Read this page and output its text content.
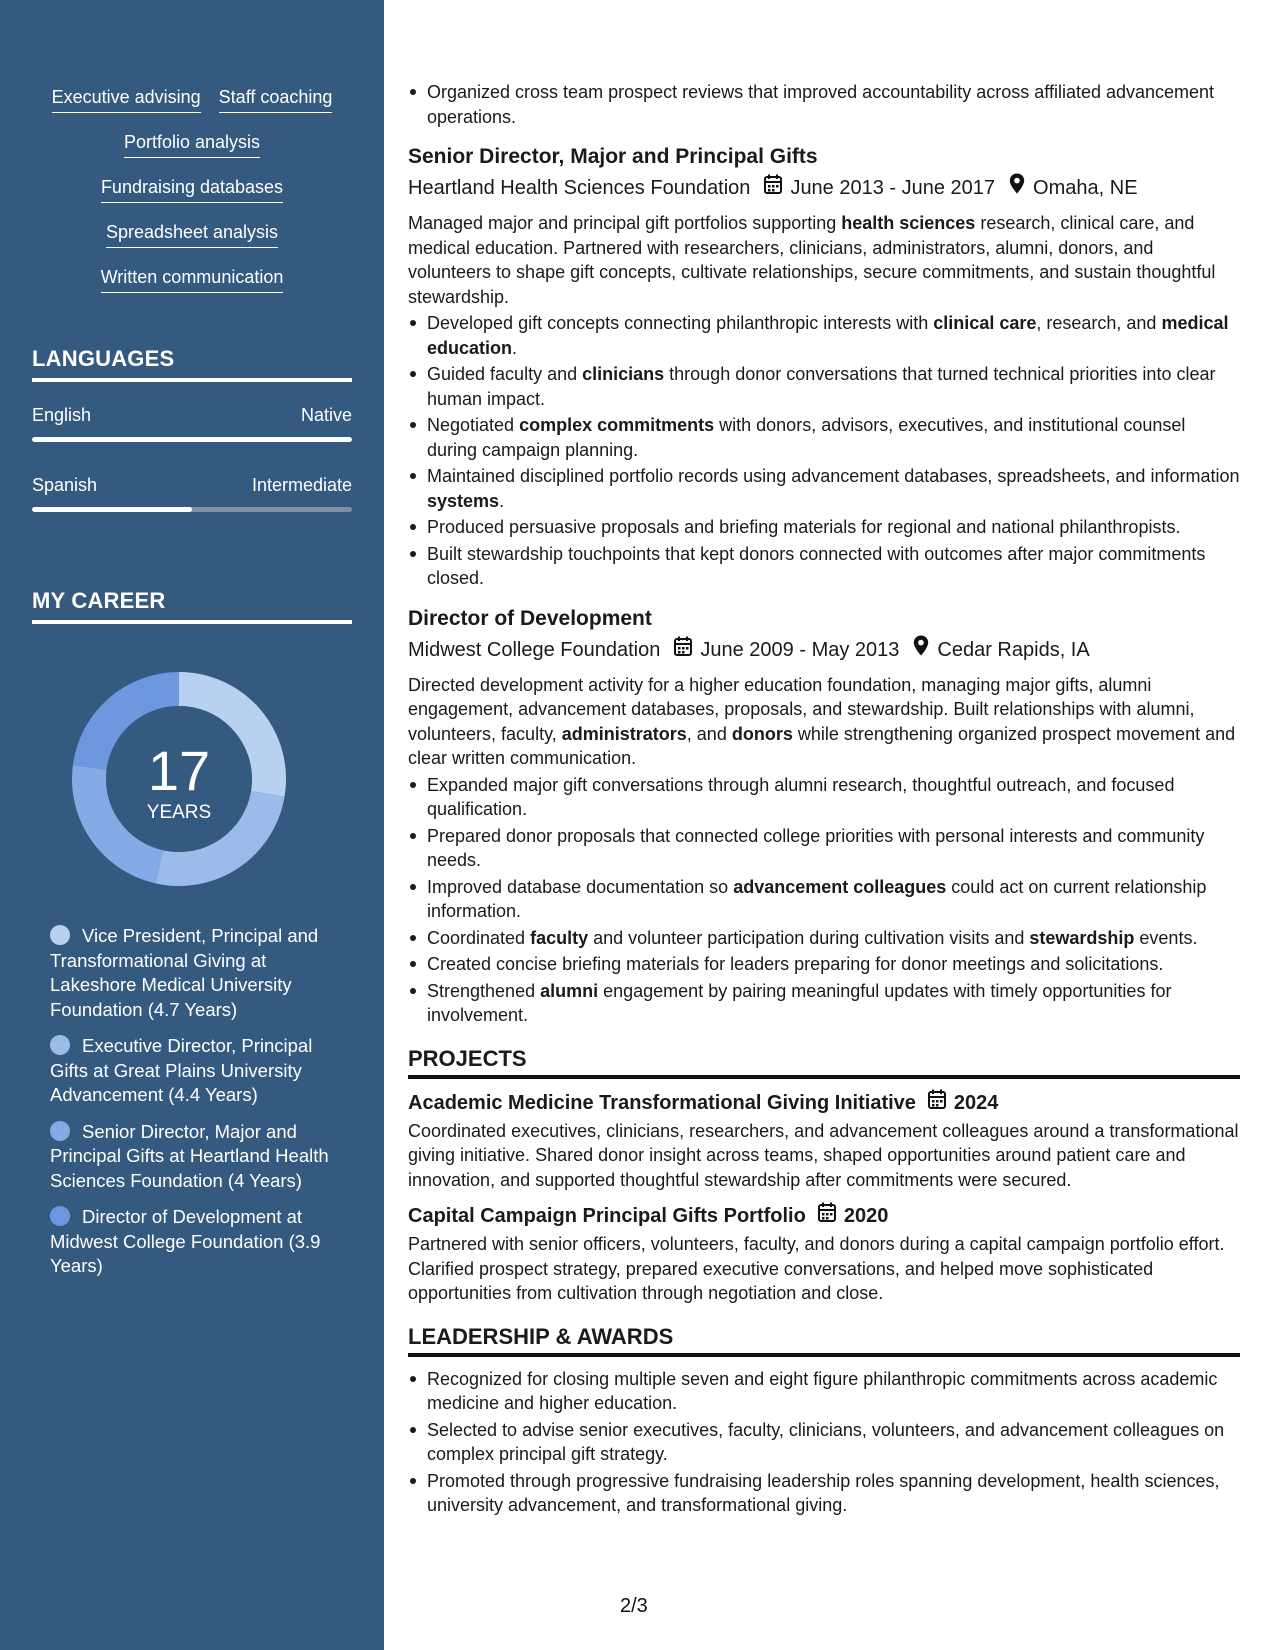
Executive advising Staff coaching
Portfolio analysis
Fundraising databases
Spreadsheet analysis
Written communication
LANGUAGES
English	Native
Spanish	Intermediate
MY CAREER
17
YEARS
Vice President, Principal and Transformational Giving at Lakeshore Medical University Foundation (4.7 Years)
Executive Director, Principal Gifts at Great Plains University Advancement (4.4 Years)
Senior Director, Major and Principal Gifts at Heartland Health Sciences Foundation (4 Years)
Director of Development at Midwest College Foundation (3.9 Years)
Organized cross team prospect reviews that improved accountability across affiliated advancement operations.
Senior Director, Major and Principal Gifts
Heartland Health Sciences Foundation June 2013 - June 2017 Omaha, NE
Managed major and principal gift portfolios supporting health sciences research, clinical care, and medical education. Partnered with researchers, clinicians, administrators, alumni, donors, and volunteers to shape gift concepts, cultivate relationships, secure commitments, and sustain thoughtful stewardship.
Developed gift concepts connecting philanthropic interests with clinical care, research, and medical education.
Guided faculty and clinicians through donor conversations that turned technical priorities into clear human impact.
Negotiated complex commitments with donors, advisors, executives, and institutional counsel during campaign planning.
Maintained disciplined portfolio records using advancement databases, spreadsheets, and information systems.
Produced persuasive proposals and briefing materials for regional and national philanthropists.
Built stewardship touchpoints that kept donors connected with outcomes after major commitments closed.
Director of Development
Midwest College Foundation June 2009 - May 2013 Cedar Rapids, IA
Directed development activity for a higher education foundation, managing major gifts, alumni engagement, advancement databases, proposals, and stewardship. Built relationships with alumni, volunteers, faculty, administrators, and donors while strengthening organized prospect movement and clear written communication.
Expanded major gift conversations through alumni research, thoughtful outreach, and focused qualification.
Prepared donor proposals that connected college priorities with personal interests and community needs.
Improved database documentation so advancement colleagues could act on current relationship information.
Coordinated faculty and volunteer participation during cultivation visits and stewardship events.
Created concise briefing materials for leaders preparing for donor meetings and solicitations.
Strengthened alumni engagement by pairing meaningful updates with timely opportunities for involvement.
PROJECTS
Academic Medicine Transformational Giving Initiative 2024
Coordinated executives, clinicians, researchers, and advancement colleagues around a transformational giving initiative. Shared donor insight across teams, shaped opportunities around patient care and innovation, and supported thoughtful stewardship after commitments were secured.
Capital Campaign Principal Gifts Portfolio 2020
Partnered with senior officers, volunteers, faculty, and donors during a capital campaign portfolio effort. Clarified prospect strategy, prepared executive conversations, and helped move sophisticated opportunities from cultivation through negotiation and close.
LEADERSHIP & AWARDS
Recognized for closing multiple seven and eight figure philanthropic commitments across academic medicine and higher education.
Selected to advise senior executives, faculty, clinicians, volunteers, and advancement colleagues on complex principal gift strategy.
Promoted through progressive fundraising leadership roles spanning development, health sciences, university advancement, and transformational giving.
2/3
